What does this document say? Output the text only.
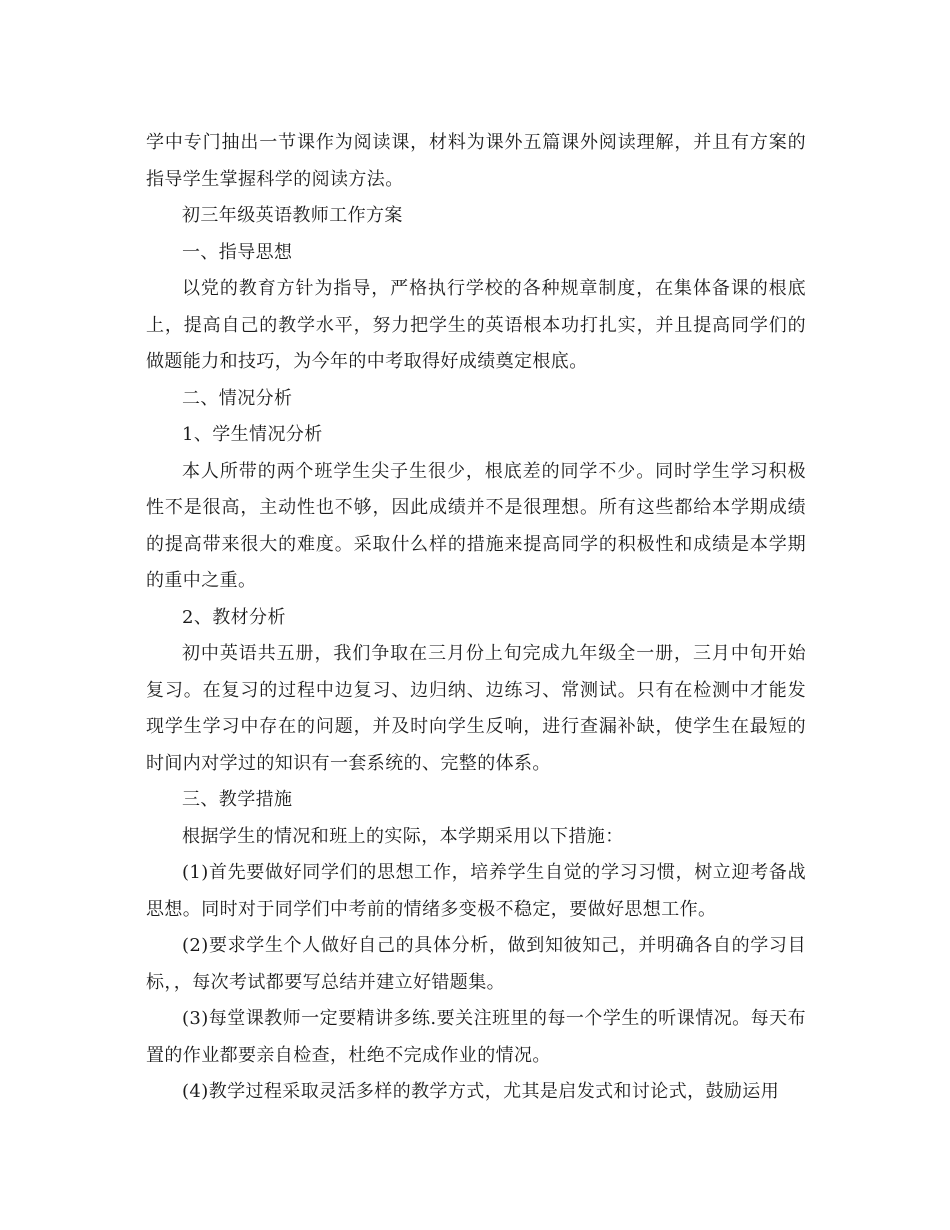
学中专门抽出一节课作为阅读课，材料为课外五篇课外阅读理解，并且有方案的指导学生掌握科学的阅读方法。

初三年级英语教师工作方案

一、指导思想

以党的教育方针为指导，严格执行学校的各种规章制度，在集体备课的根底上，提高自己的教学水平，努力把学生的英语根本功打扎实，并且提高同学们的做题能力和技巧，为今年的中考取得好成绩奠定根底。

二、情况分析

1、学生情况分析

本人所带的两个班学生尖子生很少，根底差的同学不少。同时学生学习积极性不是很高，主动性也不够，因此成绩并不是很理想。所有这些都给本学期成绩的提高带来很大的难度。采取什么样的措施来提高同学的积极性和成绩是本学期的重中之重。

2、教材分析

初中英语共五册，我们争取在三月份上旬完成九年级全一册，三月中旬开始复习。在复习的过程中边复习、边归纳、边练习、常测试。只有在检测中才能发现学生学习中存在的问题，并及时向学生反响，进行查漏补缺，使学生在最短的时间内对学过的知识有一套系统的、完整的体系。

三、教学措施

根据学生的情况和班上的实际，本学期采用以下措施：

(1)首先要做好同学们的思想工作，培养学生自觉的学习习惯，树立迎考备战思想。同时对于同学们中考前的情绪多变极不稳定，要做好思想工作。

(2)要求学生个人做好自己的具体分析，做到知彼知己，并明确各自的学习目标，，每次考试都要写总结并建立好错题集。

(3)每堂课教师一定要精讲多练.要关注班里的每一个学生的听课情况。每天布置的作业都要亲自检查，杜绝不完成作业的情况。

(4)教学过程采取灵活多样的教学方式，尤其是启发式和讨论式，鼓励运用
